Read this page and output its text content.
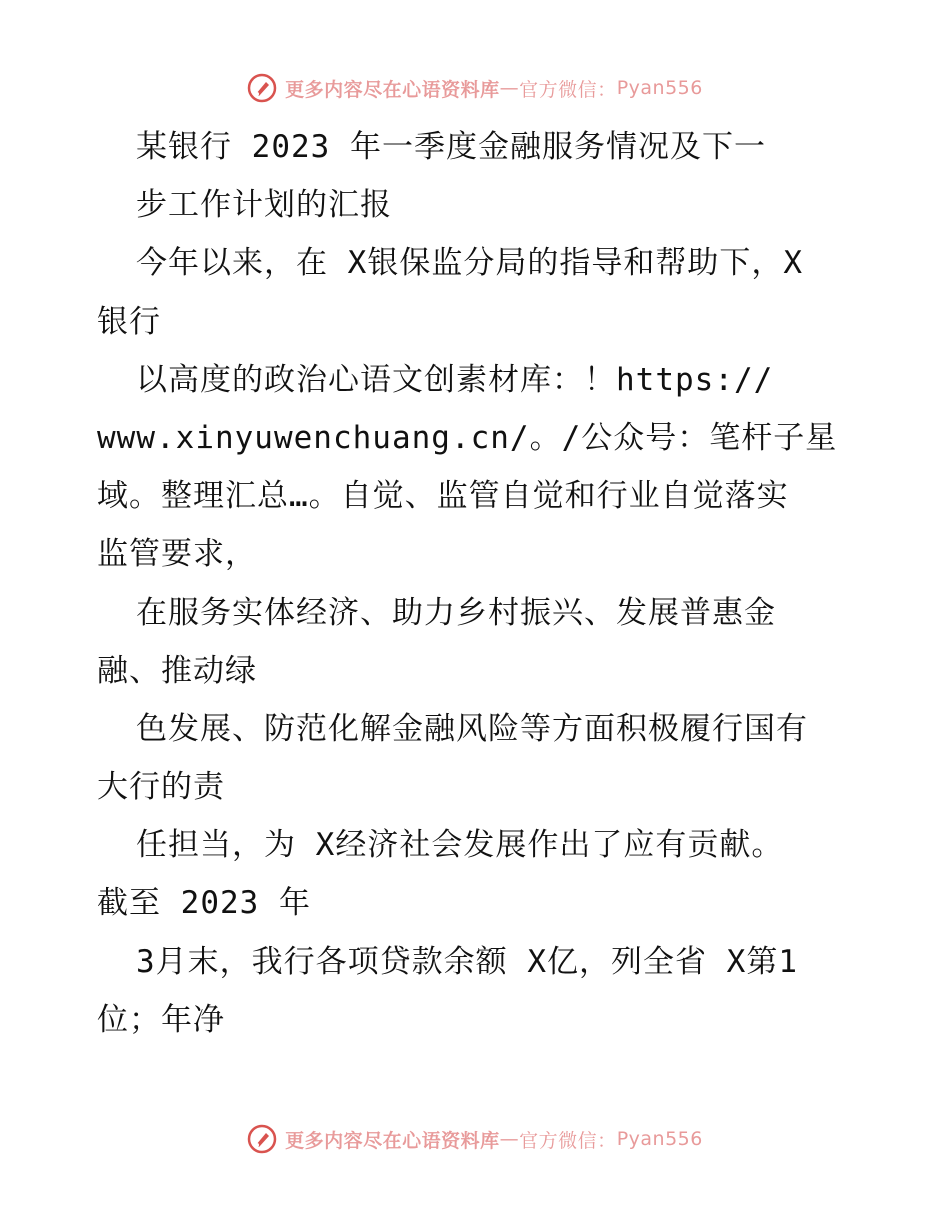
更多内容尽在心语资料库 — 官方微信： Pyan556
某银行 2023 年一季度金融服务情况及下一
步工作计划的汇报
今年以来，在 X银保监分局的指导和帮助下，X
银行
以高度的政治心语文创素材库：！https://
www.xinyuwenchuang.cn/。/公众号：笔杆子星
域。整理汇总…。自觉、监管自觉和行业自觉落实
监管要求，
在服务实体经济、助力乡村振兴、发展普惠金
融、推动绿
色发展、防范化解金融风险等方面积极履行国有
大行的责
任担当，为 X经济社会发展作出了应有贡献。
截至 2023 年
3月末，我行各项贷款余额 X亿，列全省 X第1
位；年净
更多内容尽在心语资料库 — 官方微信： Pyan556
